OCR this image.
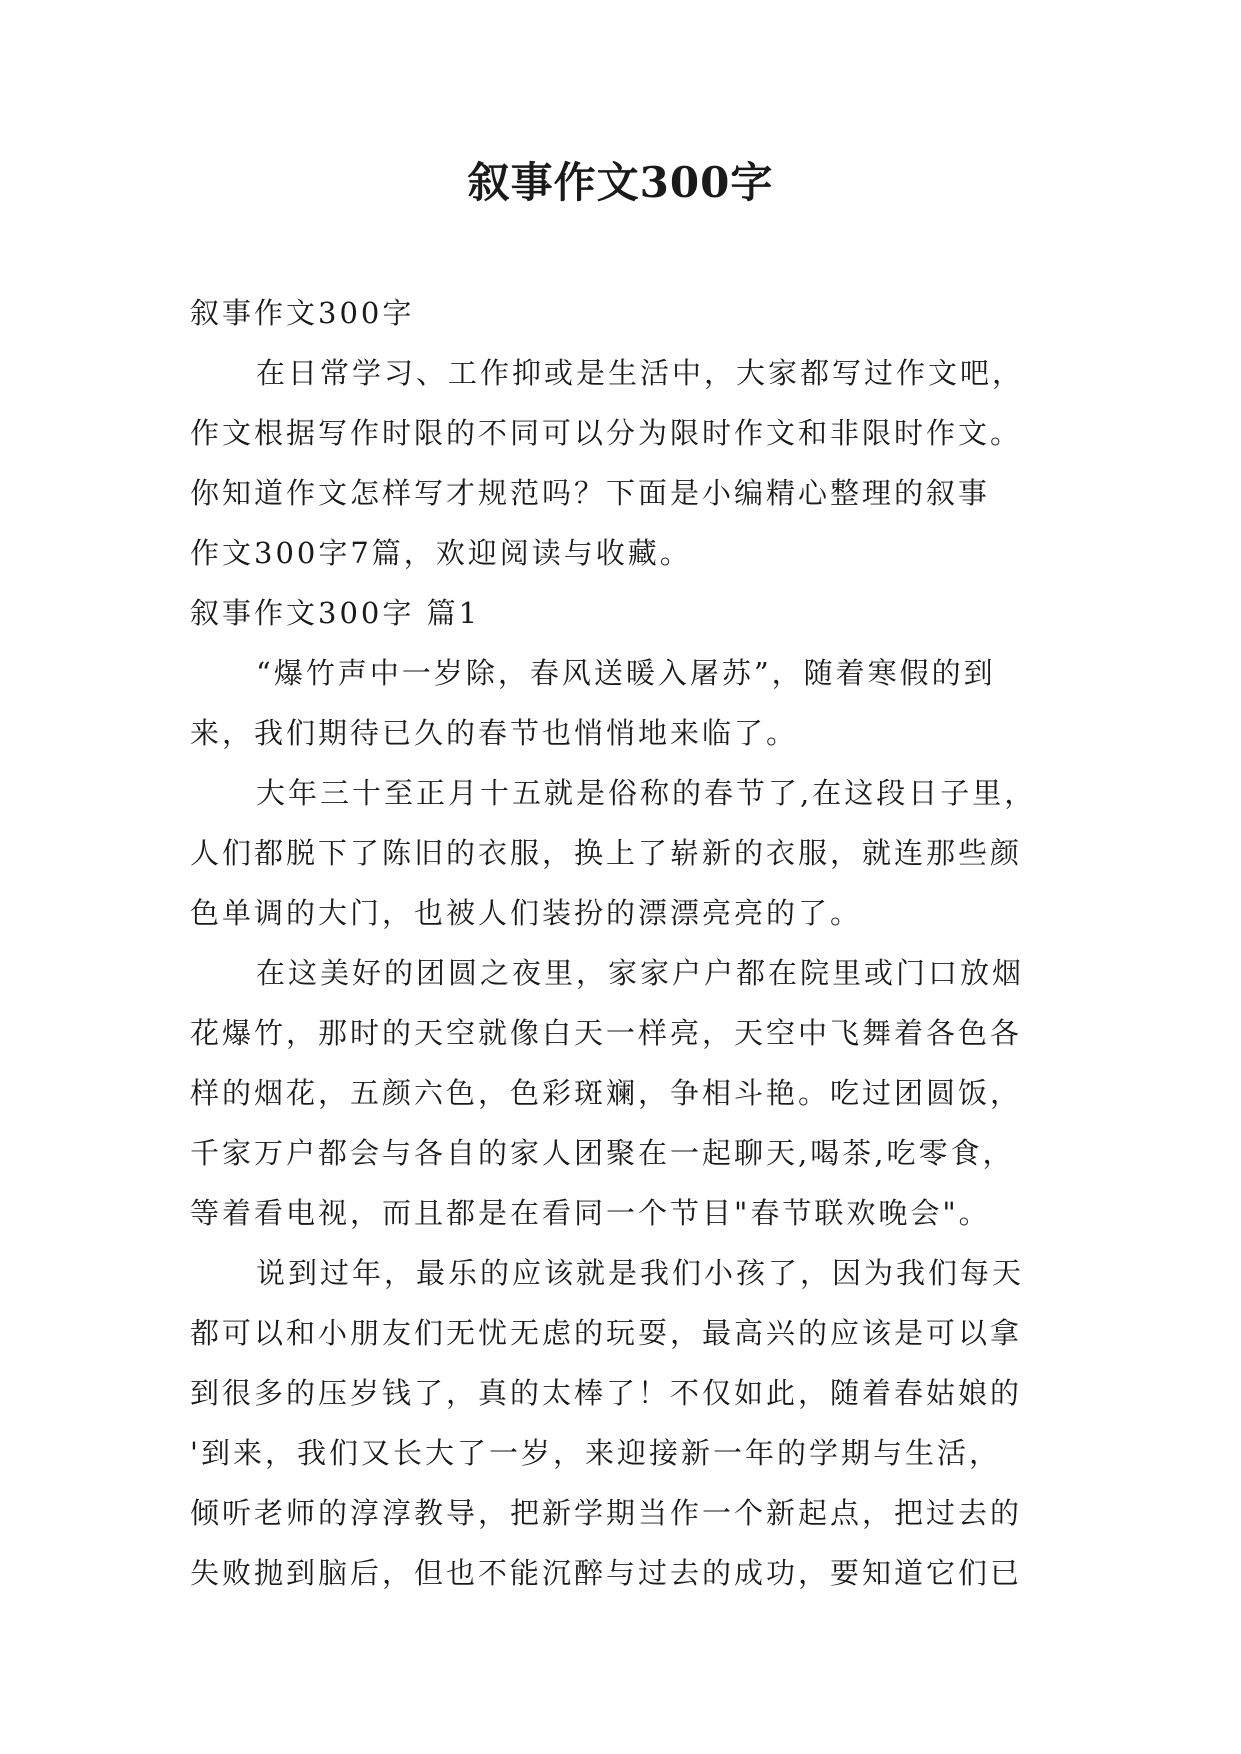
叙事作文300字
叙事作文300字
在日常学习、工作抑或是生活中，大家都写过作文吧，
作文根据写作时限的不同可以分为限时作文和非限时作文。
你知道作文怎样写才规范吗？下面是小编精心整理的叙事
作文300字7篇，欢迎阅读与收藏。
叙事作文300字 篇1
“爆竹声中一岁除，春风送暖入屠苏”，随着寒假的到
来，我们期待已久的春节也悄悄地来临了。
大年三十至正月十五就是俗称的春节了,在这段日子里，
人们都脱下了陈旧的衣服，换上了崭新的衣服，就连那些颜
色单调的大门，也被人们装扮的漂漂亮亮的了。
在这美好的团圆之夜里，家家户户都在院里或门口放烟
花爆竹，那时的天空就像白天一样亮，天空中飞舞着各色各
样的烟花，五颜六色，色彩斑斓，争相斗艳。吃过团圆饭，
千家万户都会与各自的家人团聚在一起聊天,喝茶,吃零食，
等着看电视，而且都是在看同一个节目"春节联欢晚会"。
说到过年，最乐的应该就是我们小孩了，因为我们每天
都可以和小朋友们无忧无虑的玩耍，最高兴的应该是可以拿
到很多的压岁钱了，真的太棒了！不仅如此，随着春姑娘的
'到来，我们又长大了一岁，来迎接新一年的学期与生活，
倾听老师的淳淳教导，把新学期当作一个新起点，把过去的
失败抛到脑后，但也不能沉醉与过去的成功，要知道它们已
